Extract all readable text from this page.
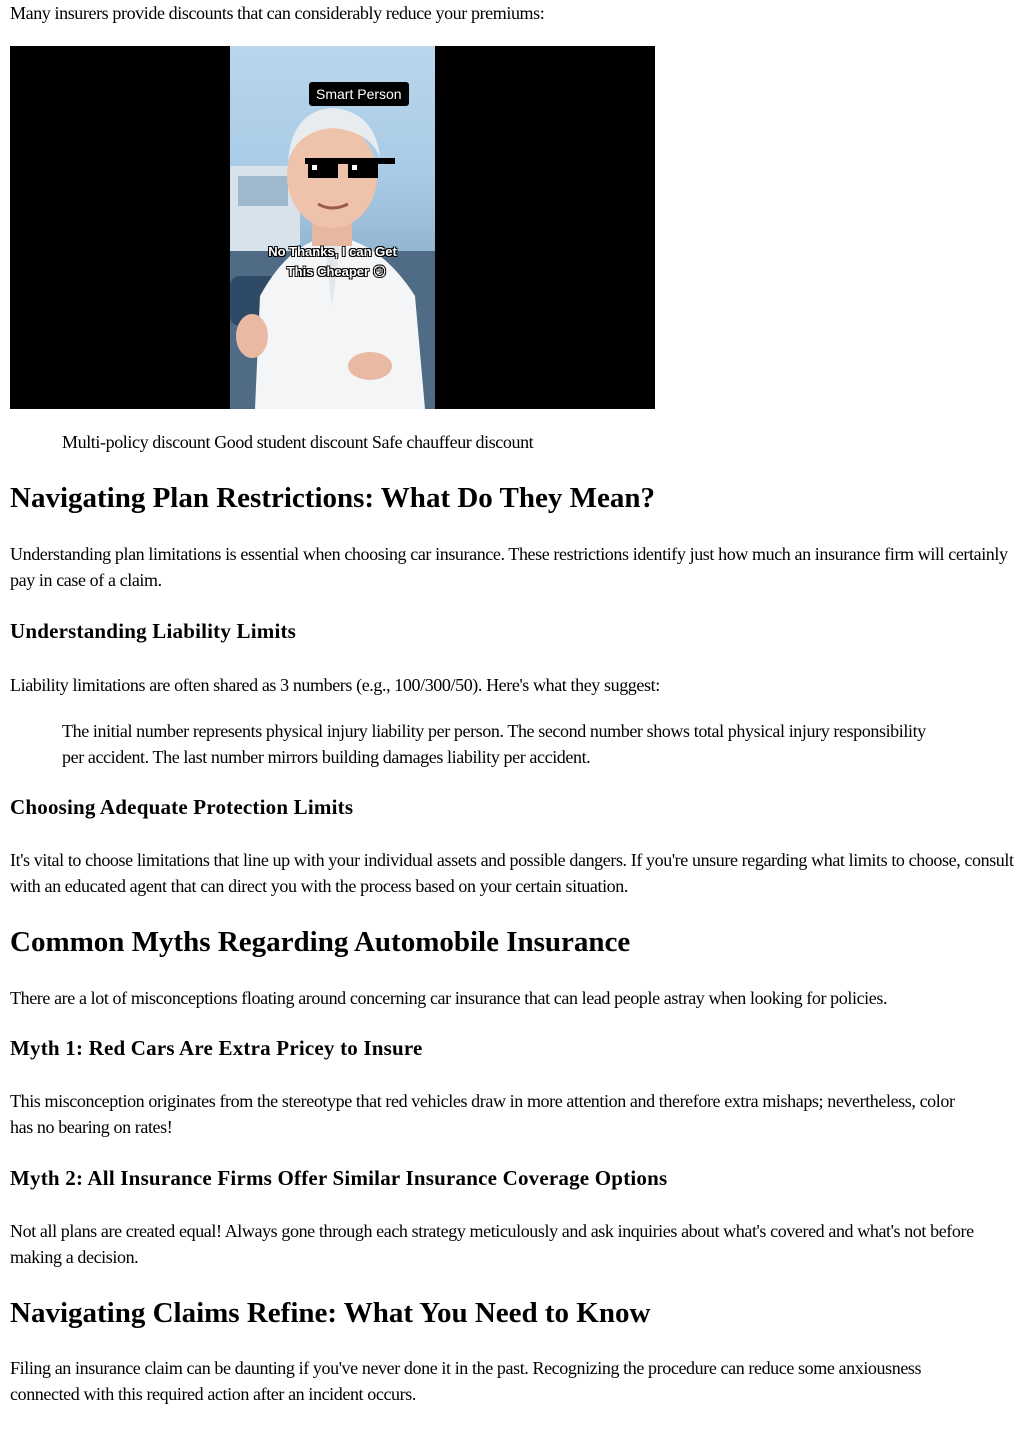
Many insurers provide discounts that can considerably reduce your premiums:

Smart Person
No Thanks, I can Get
This Cheaper 😏

Multi-policy discount Good student discount Safe chauffeur discount

Navigating Plan Restrictions: What Do They Mean?

Understanding plan limitations is essential when choosing car insurance. These restrictions identify just how much an insurance firm will certainly pay in case of a claim.

Understanding Liability Limits

Liability limitations are often shared as 3 numbers (e.g., 100/300/50). Here's what they suggest:

The initial number represents physical injury liability per person. The second number shows total physical injury responsibility per accident. The last number mirrors building damages liability per accident.

Choosing Adequate Protection Limits

It's vital to choose limitations that line up with your individual assets and possible dangers. If you're unsure regarding what limits to choose, consult with an educated agent that can direct you with the process based on your certain situation.

Common Myths Regarding Automobile Insurance

There are a lot of misconceptions floating around concerning car insurance that can lead people astray when looking for policies.

Myth 1: Red Cars Are Extra Pricey to Insure

This misconception originates from the stereotype that red vehicles draw in more attention and therefore extra mishaps; nevertheless, color has no bearing on rates!

Myth 2: All Insurance Firms Offer Similar Insurance Coverage Options

Not all plans are created equal! Always gone through each strategy meticulously and ask inquiries about what's covered and what's not before making a decision.

Navigating Claims Refine: What You Need to Know

Filing an insurance claim can be daunting if you've never done it in the past. Recognizing the procedure can reduce some anxiousness connected with this required action after an incident occurs.
